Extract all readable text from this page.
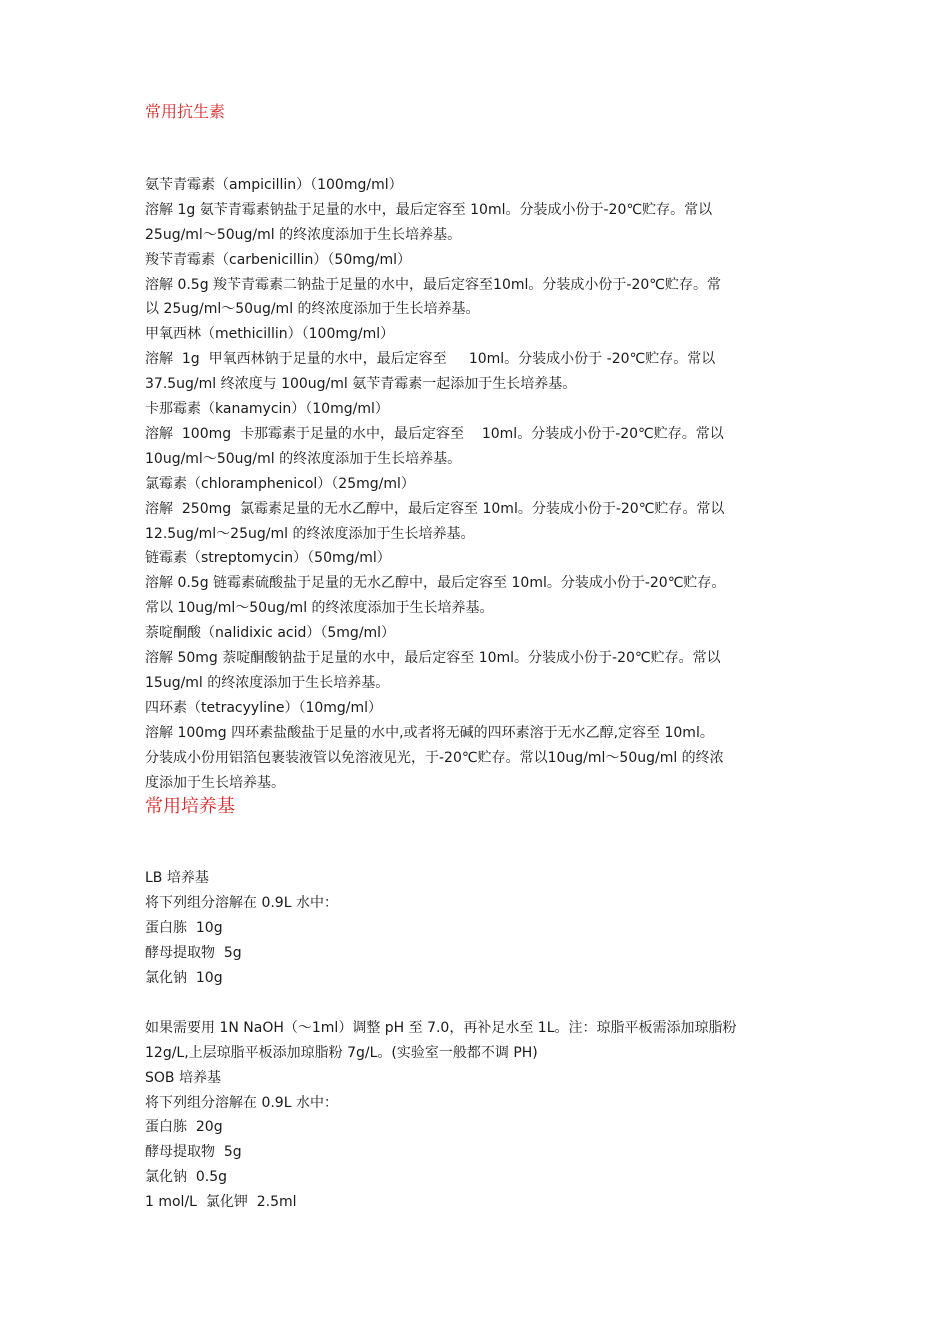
常用抗生素

氨苄青霉素（ampicillin）（100mg/ml）

溶解 1g 氨苄青霉素钠盐于足量的水中，最后定容至 10ml。分装成小份于-20℃贮存。常以

25ug/ml～50ug/ml 的终浓度添加于生长培养基。

羧苄青霉素（carbenicillin）（50mg/ml）

溶解 0.5g 羧苄青霉素二钠盐于足量的水中，最后定容至10ml。分装成小份于-20℃贮存。常

以 25ug/ml～50ug/ml 的终浓度添加于生长培养基。

甲氧西林（methicillin）（100mg/ml）

溶解  1g  甲氧西林钠于足量的水中，最后定容至     10ml。分装成小份于 -20℃贮存。常以

37.5ug/ml 终浓度与 100ug/ml 氨苄青霉素一起添加于生长培养基。

卡那霉素（kanamycin）（10mg/ml）

溶解  100mg  卡那霉素于足量的水中，最后定容至    10ml。分装成小份于-20℃贮存。常以

10ug/ml～50ug/ml 的终浓度添加于生长培养基。

氯霉素（chloramphenicol）（25mg/ml）

溶解  250mg  氯霉素足量的无水乙醇中，最后定容至 10ml。分装成小份于-20℃贮存。常以

12.5ug/ml～25ug/ml 的终浓度添加于生长培养基。

链霉素（streptomycin）（50mg/ml）

溶解 0.5g 链霉素硫酸盐于足量的无水乙醇中，最后定容至 10ml。分装成小份于-20℃贮存。

常以 10ug/ml～50ug/ml 的终浓度添加于生长培养基。

萘啶酮酸（nalidixic acid）（5mg/ml）

溶解 50mg 萘啶酮酸钠盐于足量的水中，最后定容至 10ml。分装成小份于-20℃贮存。常以

15ug/ml 的终浓度添加于生长培养基。

四环素（tetracyyline）（10mg/ml）

溶解 100mg 四环素盐酸盐于足量的水中,或者将无碱的四环素溶于无水乙醇,定容至 10ml。

分装成小份用铝箔包裹装液管以免溶液见光，于-20℃贮存。常以10ug/ml～50ug/ml 的终浓

度添加于生长培养基。

常用培养基

LB 培养基

将下列组分溶解在 0.9L 水中：

蛋白胨  10g

酵母提取物  5g

氯化钠  10g

如果需要用 1N NaOH（～1ml）调整 pH 至 7.0，再补足水至 1L。注：琼脂平板需添加琼脂粉

12g/L,上层琼脂平板添加琼脂粉 7g/L。(实验室一般都不调 PH)

SOB 培养基

将下列组分溶解在 0.9L 水中：

蛋白胨  20g

酵母提取物  5g

氯化钠  0.5g

1 mol/L  氯化钾  2.5ml
